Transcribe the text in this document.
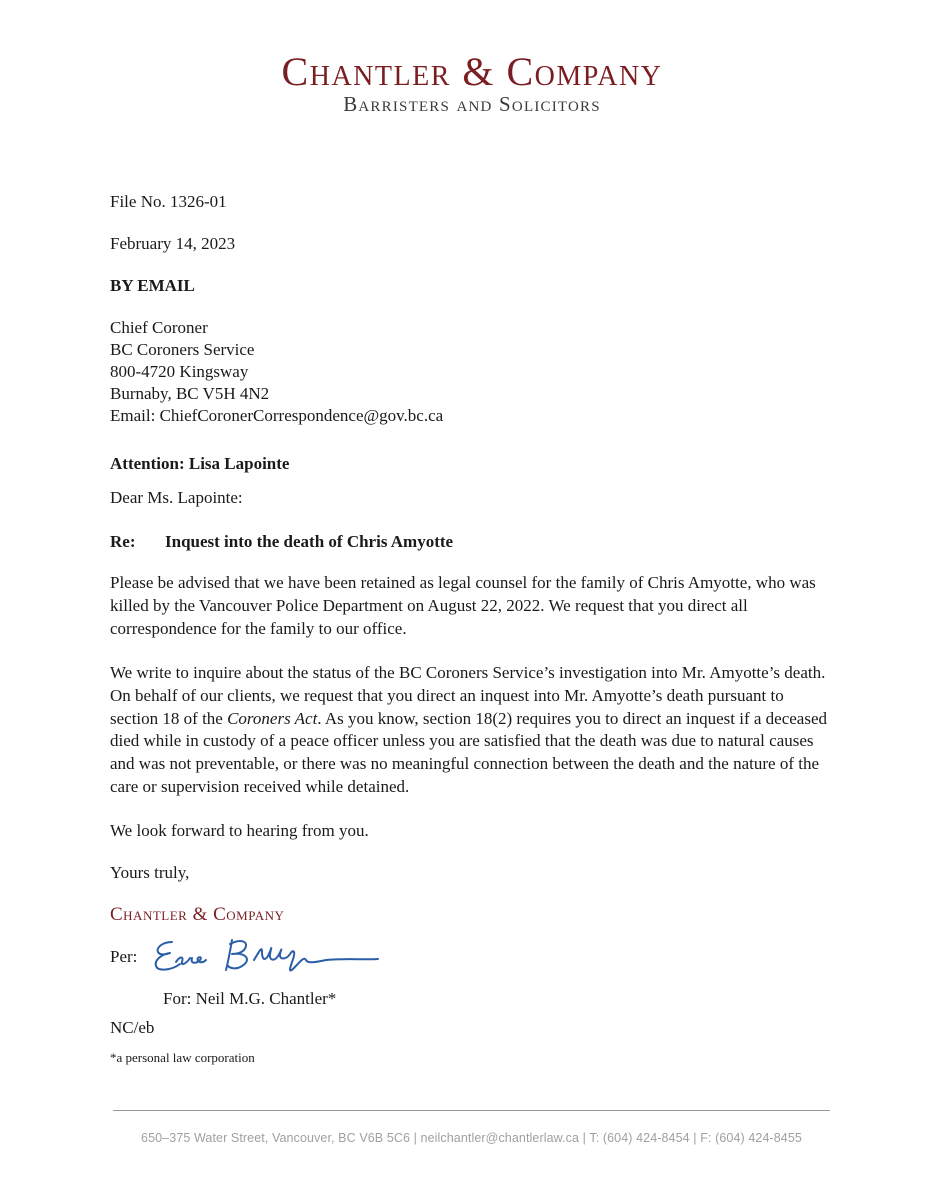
Chantler & Company
Barristers and Solicitors
File No. 1326-01
February 14, 2023
BY EMAIL
Chief Coroner
BC Coroners Service
800-4720 Kingsway
Burnaby, BC V5H 4N2
Email: ChiefCoronerCorrespondence@gov.bc.ca
Attention: Lisa Lapointe
Dear Ms. Lapointe:
Re: Inquest into the death of Chris Amyotte

Please be advised that we have been retained as legal counsel for the family of Chris Amyotte, who was killed by the Vancouver Police Department on August 22, 2022. We request that you direct all correspondence for the family to our office.

We write to inquire about the status of the BC Coroners Service’s investigation into Mr. Amyotte’s death. On behalf of our clients, we request that you direct an inquest into Mr. Amyotte’s death pursuant to section 18 of the Coroners Act. As you know, section 18(2) requires you to direct an inquest if a deceased died while in custody of a peace officer unless you are satisfied that the death was due to natural causes and was not preventable, or there was no meaningful connection between the death and the nature of the care or supervision received while detained.

We look forward to hearing from you.
Yours truly,
Chantler & Company
Per:
For: Neil M.G. Chantler*
NC/eb
*a personal law corporation
650–375 Water Street, Vancouver, BC V6B 5C6 | neilchantler@chantlerlaw.ca | T: (604) 424-8454 | F: (604) 424-8455
